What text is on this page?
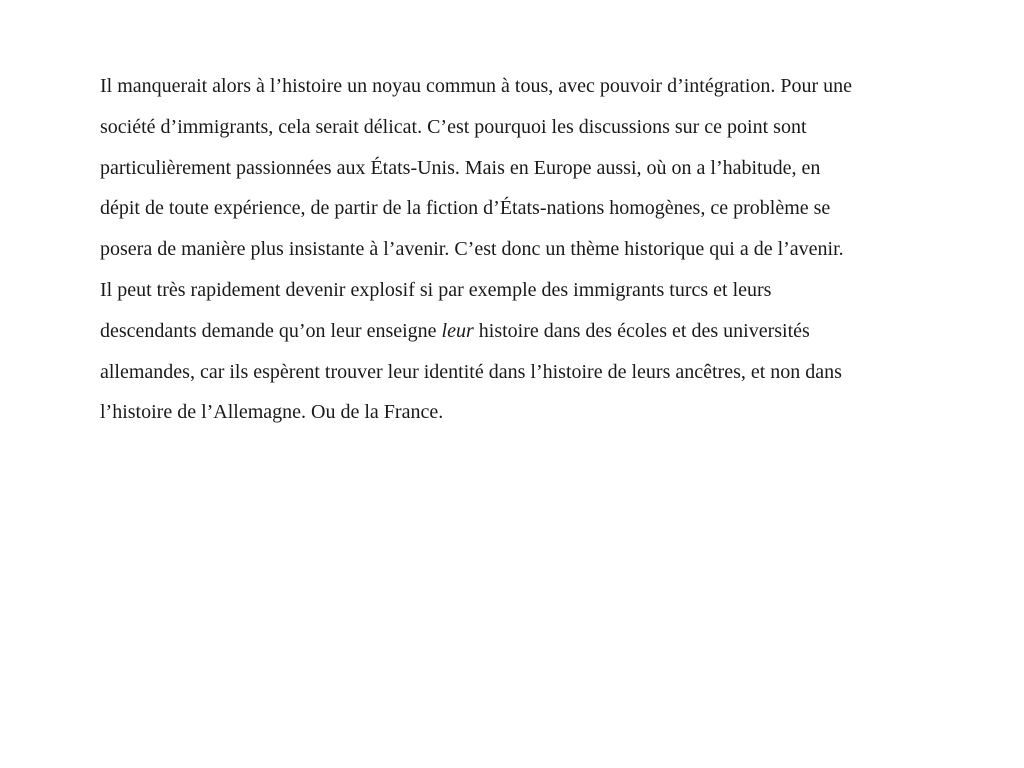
Il manquerait alors à l’histoire un noyau commun à tous, avec pouvoir d’intégration. Pour une
société d’immigrants, cela serait délicat. C’est pourquoi les discussions sur ce point sont
particulièrement passionnées aux États-Unis. Mais en Europe aussi, où on a l’habitude, en
dépit de toute expérience, de partir de la fiction d’États-nations homogènes, ce problème se
posera de manière plus insistante à l’avenir. C’est donc un thème historique qui a de l’avenir.
Il peut très rapidement devenir explosif si par exemple des immigrants turcs et leurs
descendants demande qu’on leur enseigne leur histoire dans des écoles et des universités
allemandes, car ils espèrent trouver leur identité dans l’histoire de leurs ancêtres, et non dans
l’histoire de l’Allemagne. Ou de la France.
